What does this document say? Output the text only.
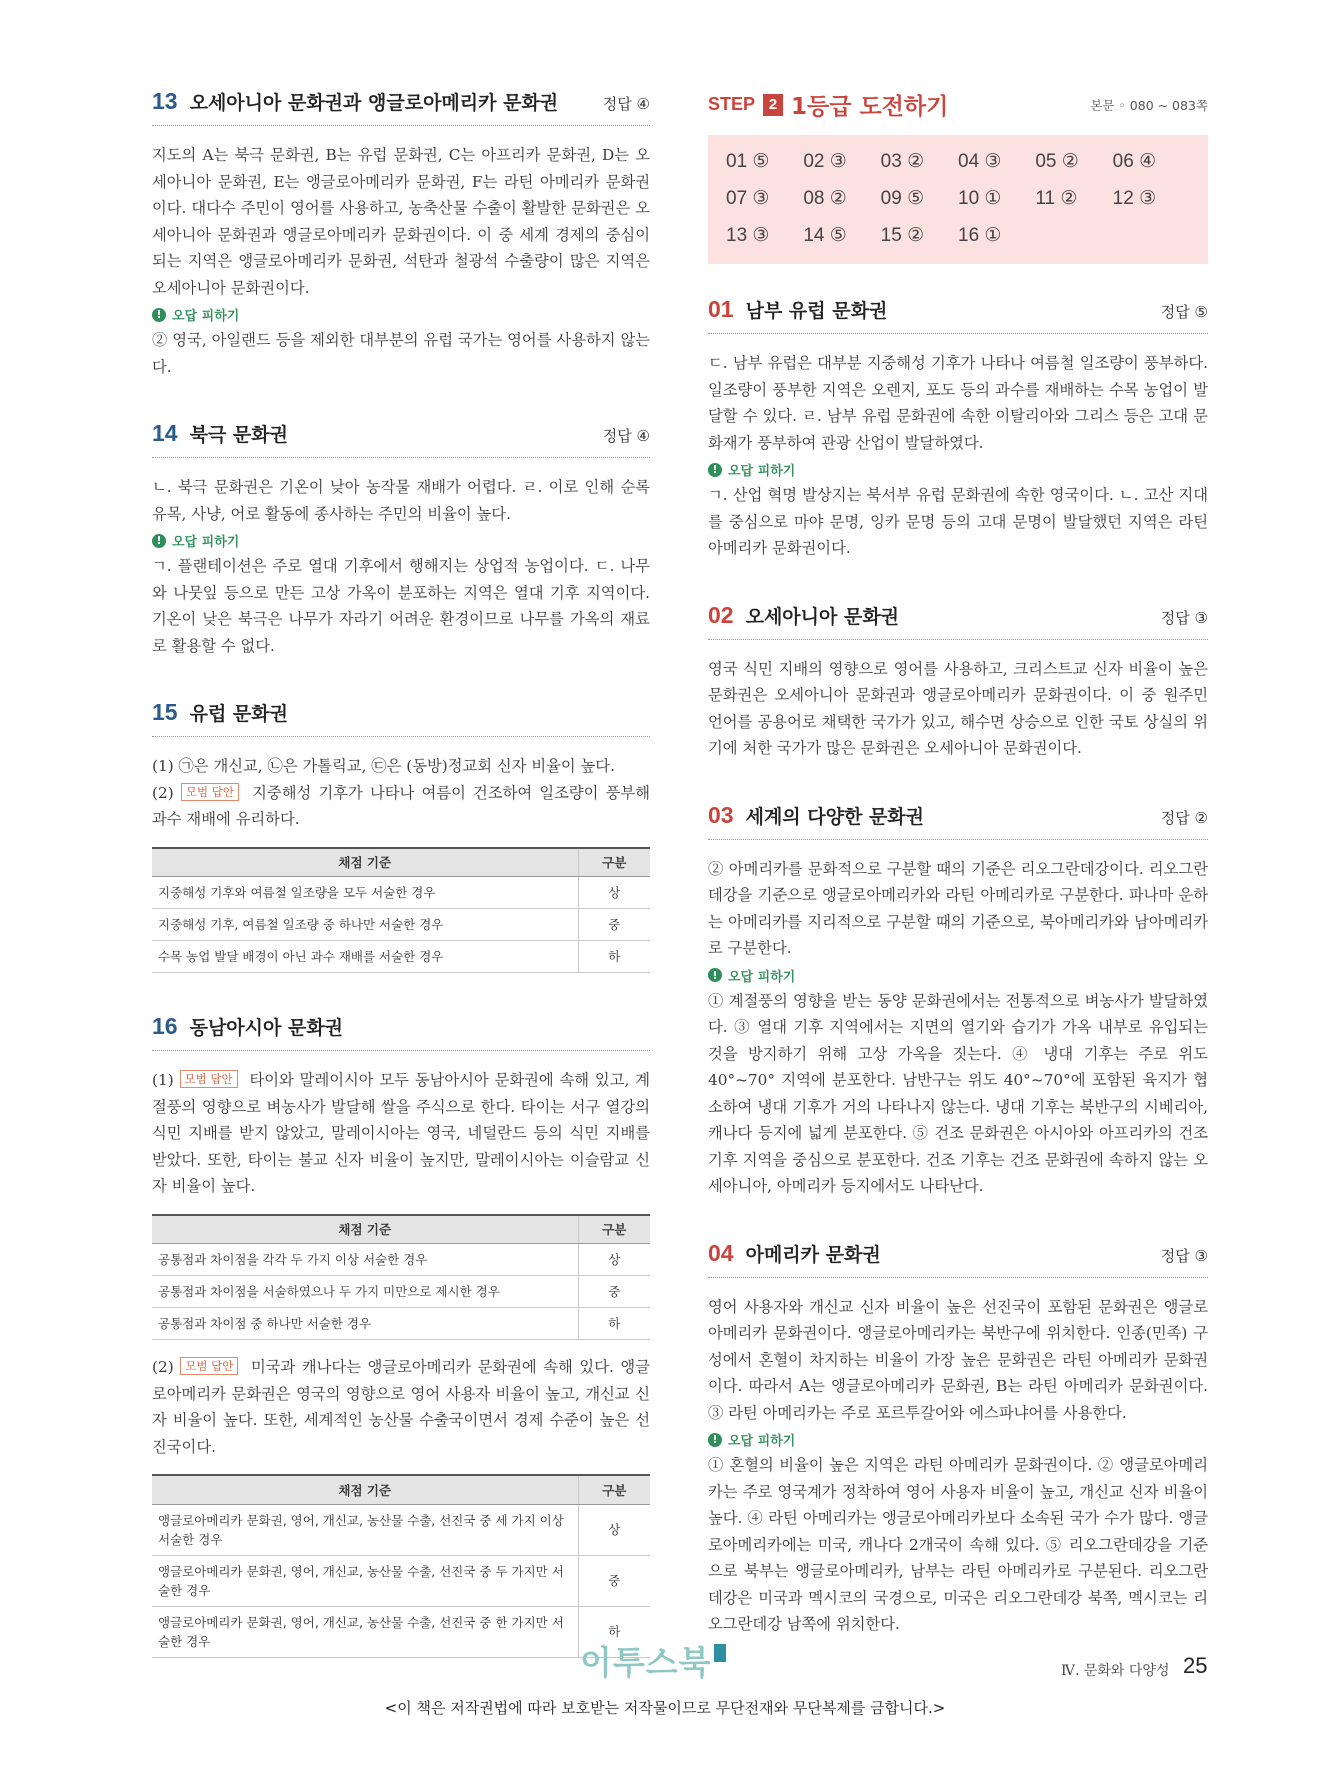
13 오세아니아 문화권과 앵글로아메리카 문화권	정답 ④

지도의 A는 북극 문화권, B는 유럽 문화권, C는 아프리카 문화권, D는 오세아니아 문화권, E는 앵글로아메리카 문화권, F는 라틴 아메리카 문화권이다. 대다수 주민이 영어를 사용하고, 농축산물 수출이 활발한 문화권은 오세아니아 문화권과 앵글로아메리카 문화권이다. 이 중 세계 경제의 중심이 되는 지역은 앵글로아메리카 문화권, 석탄과 철광석 수출량이 많은 지역은 오세아니아 문화권이다.

! 오답 피하기

② 영국, 아일랜드 등을 제외한 대부분의 유럽 국가는 영어를 사용하지 않는다.

14 북극 문화권	정답 ④

ㄴ. 북극 문화권은 기온이 낮아 농작물 재배가 어렵다. ㄹ. 이로 인해 순록 유목, 사냥, 어로 활동에 종사하는 주민의 비율이 높다.

! 오답 피하기

ㄱ. 플랜테이션은 주로 열대 기후에서 행해지는 상업적 농업이다. ㄷ. 나무와 나뭇잎 등으로 만든 고상 가옥이 분포하는 지역은 열대 기후 지역이다. 기온이 낮은 북극은 나무가 자라기 어려운 환경이므로 나무를 가옥의 재료로 활용할 수 없다.

15 유럽 문화권

(1) ㉠은 개신교, ㉡은 가톨릭교, ㉢은 (동방)정교회 신자 비율이 높다.

(2) 모범 답안 지중해성 기후가 나타나 여름이 건조하여 일조량이 풍부해 과수 재배에 유리하다.

채점 기준	구분
지중해성 기후와 여름철 일조량을 모두 서술한 경우	상
지중해성 기후, 여름철 일조량 중 하나만 서술한 경우	중
수목 농업 발달 배경이 아닌 과수 재배를 서술한 경우	하
16 동남아시아 문화권

(1) 모범 답안 타이와 말레이시아 모두 동남아시아 문화권에 속해 있고, 계절풍의 영향으로 벼농사가 발달해 쌀을 주식으로 한다. 타이는 서구 열강의 식민 지배를 받지 않았고, 말레이시아는 영국, 네덜란드 등의 식민 지배를 받았다. 또한, 타이는 불교 신자 비율이 높지만, 말레이시아는 이슬람교 신자 비율이 높다.

채점 기준	구분
공통점과 차이점을 각각 두 가지 이상 서술한 경우	상
공통점과 차이점을 서술하였으나 두 가지 미만으로 제시한 경우	중
공통점과 차이점 중 하나만 서술한 경우	하

(2) 모범 답안 미국과 캐나다는 앵글로아메리카 문화권에 속해 있다. 앵글로아메리카 문화권은 영국의 영향으로 영어 사용자 비율이 높고, 개신교 신자 비율이 높다. 또한, 세계적인 농산물 수출국이면서 경제 수준이 높은 선진국이다.

채점 기준	구분
앵글로아메리카 문화권, 영어, 개신교, 농산물 수출, 선진국 중 세 가지 이상 서술한 경우	상
앵글로아메리카 문화권, 영어, 개신교, 농산물 수출, 선진국 중 두 가지만 서술한 경우	중
앵글로아메리카 문화권, 영어, 개신교, 농산물 수출, 선진국 중 한 가지만 서술한 경우	하
STEP 2 1등급 도전하기	본문 ◦ 080 ~ 083쪽
01 ⑤	02 ③	03 ②	04 ③	05 ②	06 ④
07 ③	08 ②	09 ⑤	10 ①	11 ②	12 ③
13 ③	14 ⑤	15 ②	16 ①
01 남부 유럽 문화권	정답 ⑤

ㄷ. 남부 유럽은 대부분 지중해성 기후가 나타나 여름철 일조량이 풍부하다. 일조량이 풍부한 지역은 오렌지, 포도 등의 과수를 재배하는 수목 농업이 발달할 수 있다. ㄹ. 남부 유럽 문화권에 속한 이탈리아와 그리스 등은 고대 문화재가 풍부하여 관광 산업이 발달하였다.

! 오답 피하기

ㄱ. 산업 혁명 발상지는 북서부 유럽 문화권에 속한 영국이다. ㄴ. 고산 지대를 중심으로 마야 문명, 잉카 문명 등의 고대 문명이 발달했던 지역은 라틴 아메리카 문화권이다.

02 오세아니아 문화권	정답 ③

영국 식민 지배의 영향으로 영어를 사용하고, 크리스트교 신자 비율이 높은 문화권은 오세아니아 문화권과 앵글로아메리카 문화권이다. 이 중 원주민 언어를 공용어로 채택한 국가가 있고, 해수면 상승으로 인한 국토 상실의 위기에 처한 국가가 많은 문화권은 오세아니아 문화권이다.

03 세계의 다양한 문화권	정답 ②

② 아메리카를 문화적으로 구분할 때의 기준은 리오그란데강이다. 리오그란데강을 기준으로 앵글로아메리카와 라틴 아메리카로 구분한다. 파나마 운하는 아메리카를 지리적으로 구분할 때의 기준으로, 북아메리카와 남아메리카로 구분한다.

! 오답 피하기

① 계절풍의 영향을 받는 동양 문화권에서는 전통적으로 벼농사가 발달하였다. ③ 열대 기후 지역에서는 지면의 열기와 습기가 가옥 내부로 유입되는 것을 방지하기 위해 고상 가옥을 짓는다. ④ 냉대 기후는 주로 위도 40°~70° 지역에 분포한다. 남반구는 위도 40°~70°에 포함된 육지가 협소하여 냉대 기후가 거의 나타나지 않는다. 냉대 기후는 북반구의 시베리아, 캐나다 등지에 넓게 분포한다. ⑤ 건조 문화권은 아시아와 아프리카의 건조 기후 지역을 중심으로 분포한다. 건조 기후는 건조 문화권에 속하지 않는 오세아니아, 아메리카 등지에서도 나타난다.

04 아메리카 문화권	정답 ③

영어 사용자와 개신교 신자 비율이 높은 선진국이 포함된 문화권은 앵글로아메리카 문화권이다. 앵글로아메리카는 북반구에 위치한다. 인종(민족) 구성에서 혼혈이 차지하는 비율이 가장 높은 문화권은 라틴 아메리카 문화권이다. 따라서 A는 앵글로아메리카 문화권, B는 라틴 아메리카 문화권이다. ③ 라틴 아메리카는 주로 포르투갈어와 에스파냐어를 사용한다.

! 오답 피하기

① 혼혈의 비율이 높은 지역은 라틴 아메리카 문화권이다. ② 앵글로아메리카는 주로 영국계가 정착하여 영어 사용자 비율이 높고, 개신교 신자 비율이 높다. ④ 라틴 아메리카는 앵글로아메리카보다 소속된 국가 수가 많다. 앵글로아메리카에는 미국, 캐나다 2개국이 속해 있다. ⑤ 리오그란데강을 기준으로 북부는 앵글로아메리카, 남부는 라틴 아메리카로 구분된다. 리오그란데강은 미국과 멕시코의 국경으로, 미국은 리오그란데강 북쪽, 멕시코는 리오그란데강 남쪽에 위치한다.

이투스북	Ⅳ. 문화와 다양성 25
<이 책은 저작권법에 따라 보호받는 저작물이므로 무단전재와 무단복제를 금합니다.>
